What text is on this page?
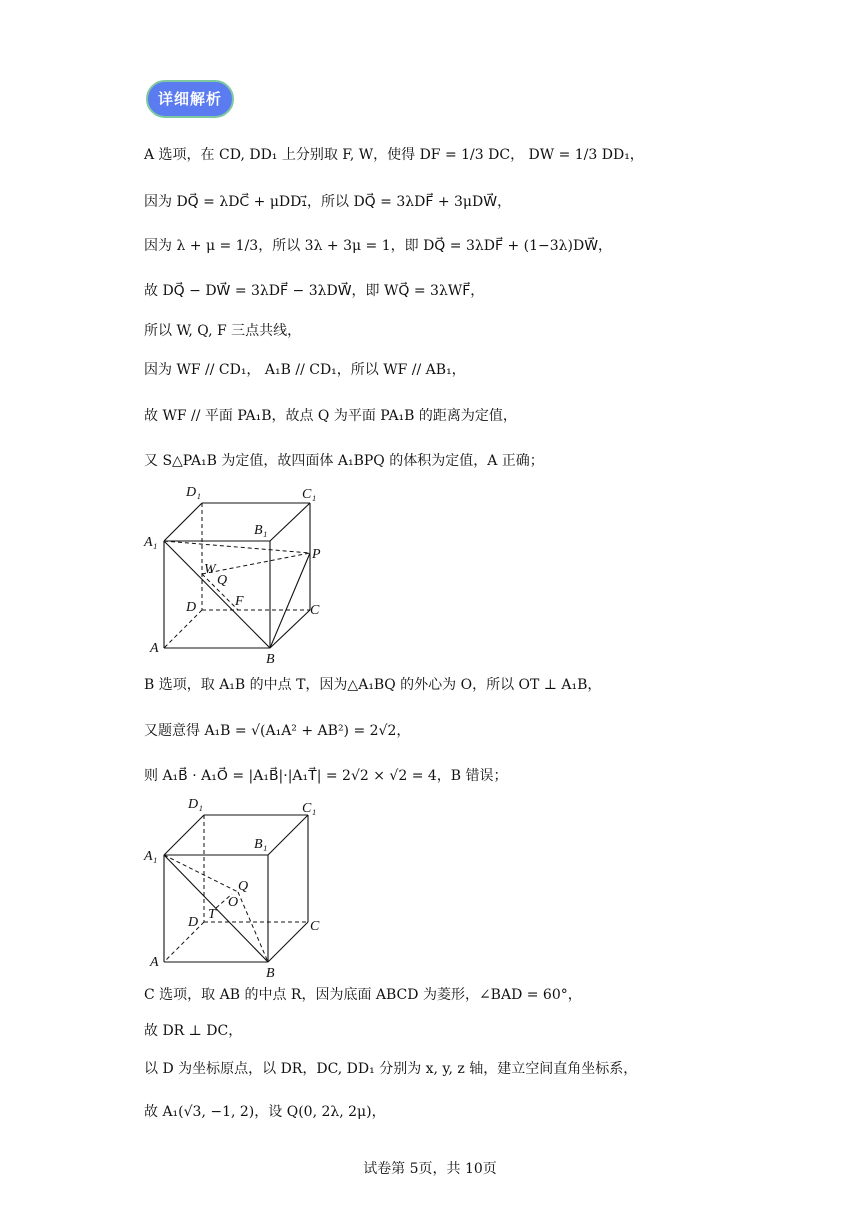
详细解析
A 选项，在 CD, DD₁ 上分别取 F, W，使得 DF = 1/3 DC， DW = 1/3 DD₁，
因为 DQ⃗ = λDC⃗ + μDD₁⃗，所以 DQ⃗ = 3λDF⃗ + 3μDW⃗，
因为 λ + μ = 1/3，所以 3λ + 3μ = 1，即 DQ⃗ = 3λDF⃗ + (1−3λ)DW⃗，
故 DQ⃗ − DW⃗ = 3λDF⃗ − 3λDW⃗，即 WQ⃗ = 3λWF⃗，
所以 W, Q, F 三点共线，
因为 WF // CD₁， A₁B // CD₁，所以 WF // AB₁，
故 WF // 平面 PA₁B，故点 Q 为平面 PA₁B 的距离为定值，
又 S△PA₁B 为定值，故四面体 A₁BPQ 的体积为定值，A 正确；
D₁	C₁
B₁
A₁
P
W
Q
D	F
C
A
B
B 选项，取 A₁B 的中点 T，因为△A₁BQ 的外心为 O，所以 OT ⊥ A₁B，
又题意得 A₁B = √(A₁A² + AB²) = 2√2，
则 A₁B⃗ · A₁O⃗ = |A₁B⃗|·|A₁T⃗| = 2√2 × √2 = 4，B 错误；
D₁	C₁
B₁
A₁
Q
O
T
D	C
A
B
C 选项，取 AB 的中点 R，因为底面 ABCD 为菱形，∠BAD = 60°，
故 DR ⊥ DC，
以 D 为坐标原点，以 DR，DC, DD₁ 分别为 x, y, z 轴，建立空间直角坐标系，
故 A₁(√3, −1, 2)，设 Q(0, 2λ, 2μ)，
试卷第 5页，共 10页
